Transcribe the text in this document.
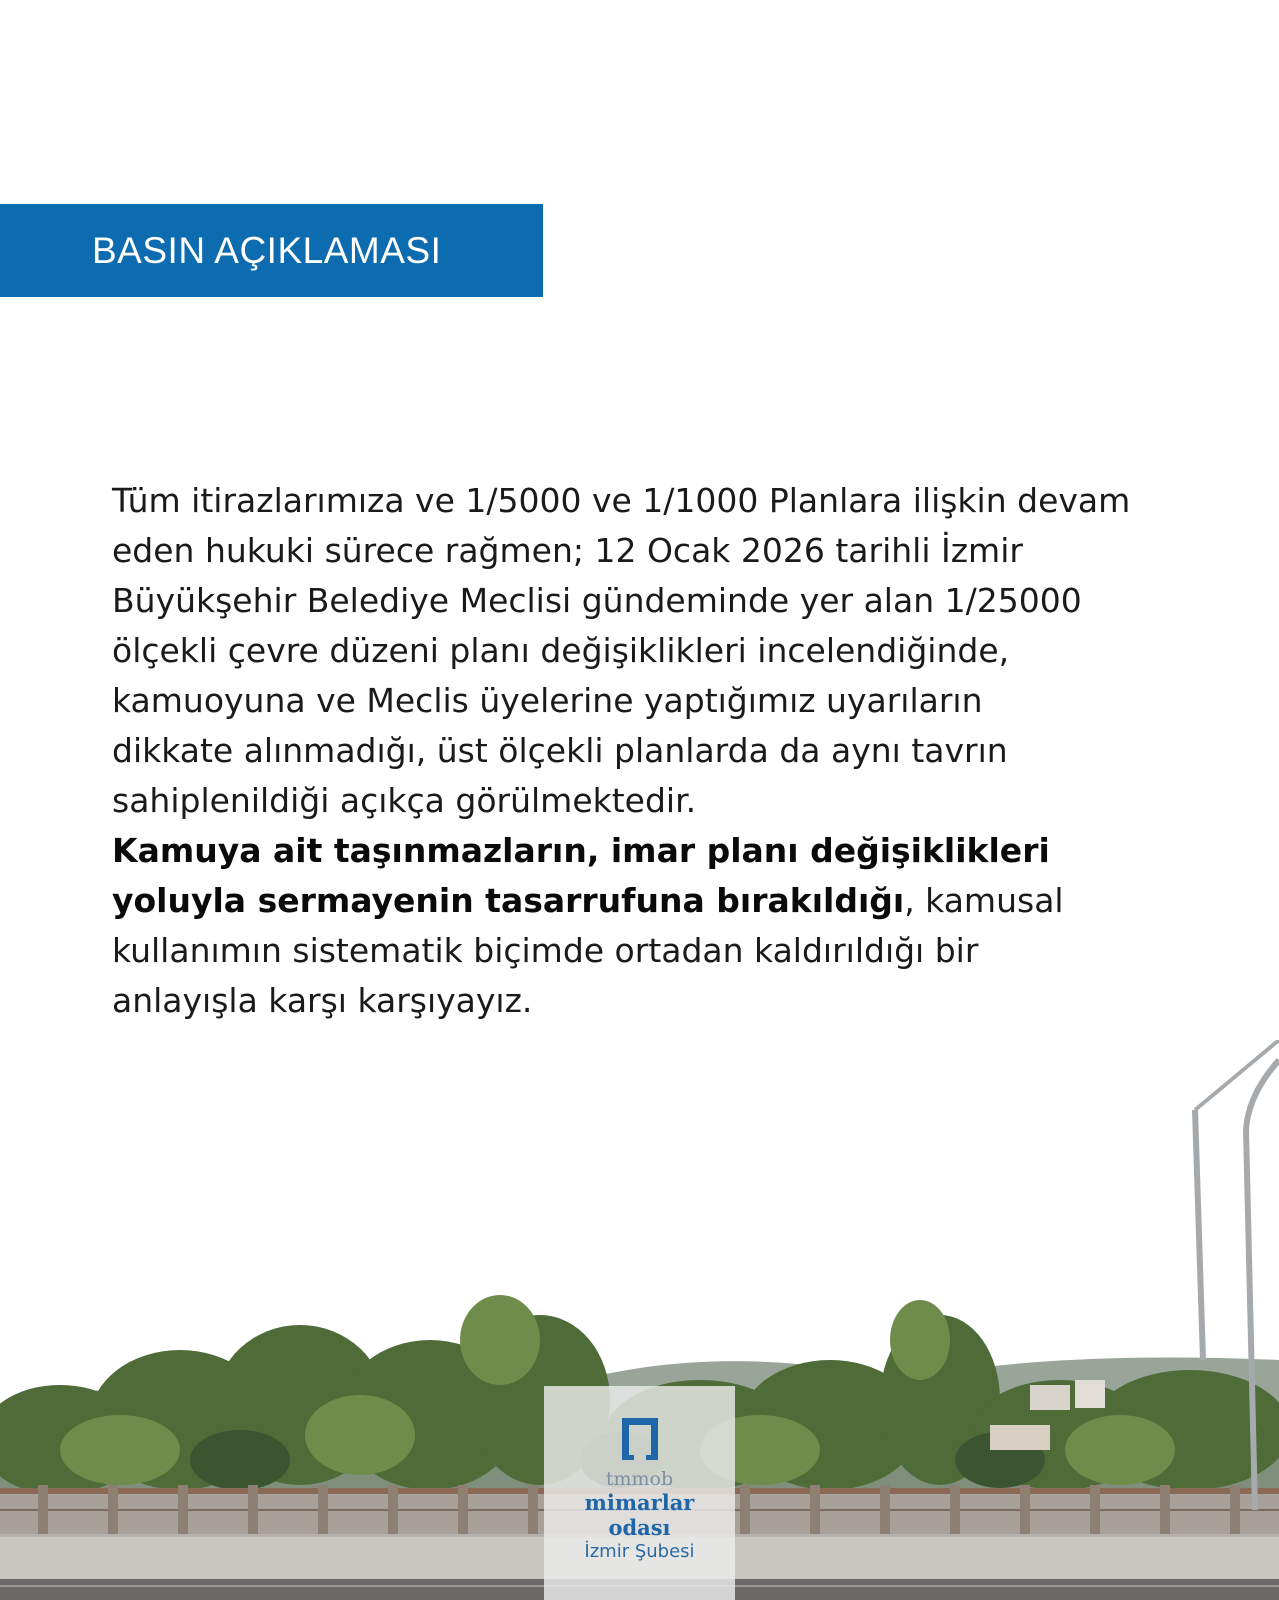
BASIN AÇIKLAMASI
Tüm itirazlarımıza ve 1/5000 ve 1/1000 Planlara ilişkin devam
eden hukuki sürece rağmen; 12 Ocak 2026 tarihli İzmir
Büyükşehir Belediye Meclisi gündeminde yer alan 1/25000
ölçekli çevre düzeni planı değişiklikleri incelendiğinde,
kamuoyuna ve Meclis üyelerine yaptığımız uyarıların
dikkate alınmadığı, üst ölçekli planlarda da aynı tavrın
sahiplenildiği açıkça görülmektedir.
Kamuya ait taşınmazların, imar planı değişiklikleri
yoluyla sermayenin tasarrufuna bırakıldığı, kamusal
kullanımın sistematik biçimde ortadan kaldırıldığı bir
anlayışla karşı karşıyayız.
tmmob
mimarlar
odası
İzmir Şubesi
